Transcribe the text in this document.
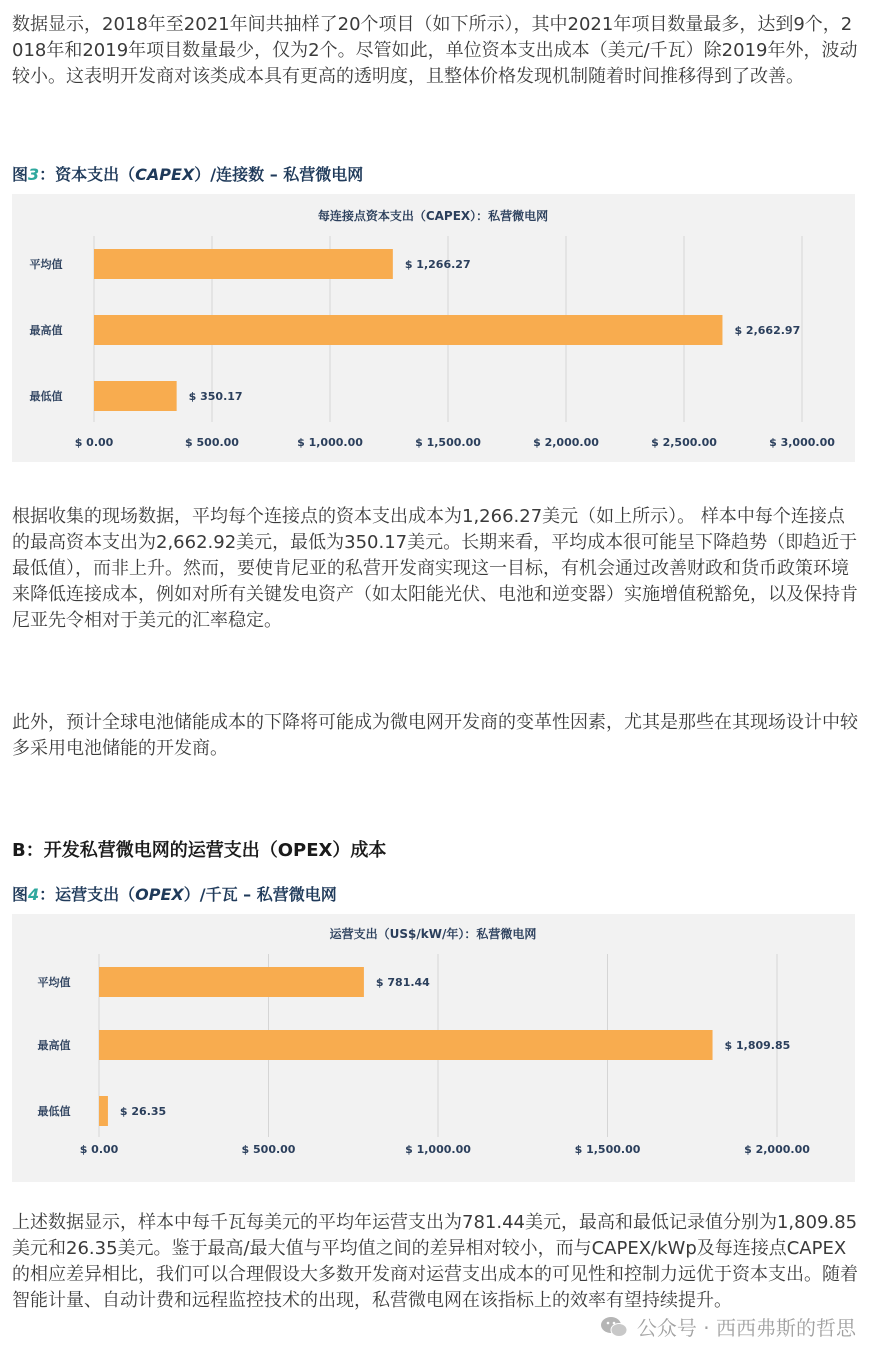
数据显示，2018年至2021年间共抽样了20个项目（如下所示），其中2021年项目数量最多，达到9个，2018年和2019年项目数量最少，仅为2个。尽管如此，单位资本支出成本（美元/千瓦）除2019年外，波动较小。这表明开发商对该类成本具有更高的透明度，且整体价格发现机制随着时间推移得到了改善。

图3：资本支出（CAPEX）/连接数 – 私营微电网

每连接点资本支出（CAPEX）：私营微电网
平均值	$ 1,266.27
最高值	$ 2,662.97
最低值	$ 350.17
$ 0.00	$ 500.00	$ 1,000.00	$ 1,500.00	$ 2,000.00	$ 2,500.00	$ 3,000.00

根据收集的现场数据，平均每个连接点的资本支出成本为1,266.27美元（如上所示）。 样本中每个连接点的最高资本支出为2,662.92美元，最低为350.17美元。长期来看，平均成本很可能呈下降趋势（即趋近于最低值），而非上升。然而，要使肯尼亚的私营开发商实现这一目标，有机会通过改善财政和货币政策环境来降低连接成本，例如对所有关键发电资产（如太阳能光伏、电池和逆变器）实施增值税豁免，以及保持肯尼亚先令相对于美元的汇率稳定。

此外，预计全球电池储能成本的下降将可能成为微电网开发商的变革性因素，尤其是那些在其现场设计中较多采用电池储能的开发商。

B：开发私营微电网的运营支出（OPEX）成本

图4：运营支出（OPEX）/千瓦 – 私营微电网

运营支出（US$/kW/年）：私营微电网
平均值	$ 781.44
最高值	$ 1,809.85
最低值	$ 26.35
$ 0.00	$ 500.00	$ 1,000.00	$ 1,500.00	$ 2,000.00

上述数据显示，样本中每千瓦每美元的平均年运营支出为781.44美元，最高和最低记录值分别为1,809.85美元和26.35美元。鉴于最高/最大值与平均值之间的差异相对较小，而与CAPEX/kWp及每连接点CAPEX的相应差异相比，我们可以合理假设大多数开发商对运营支出成本的可见性和控制力远优于资本支出。随着智能计量、自动计费和远程监控技术的出现，私营微电网在该指标上的效率有望持续提升。

公众号 · 西西弗斯的哲思
